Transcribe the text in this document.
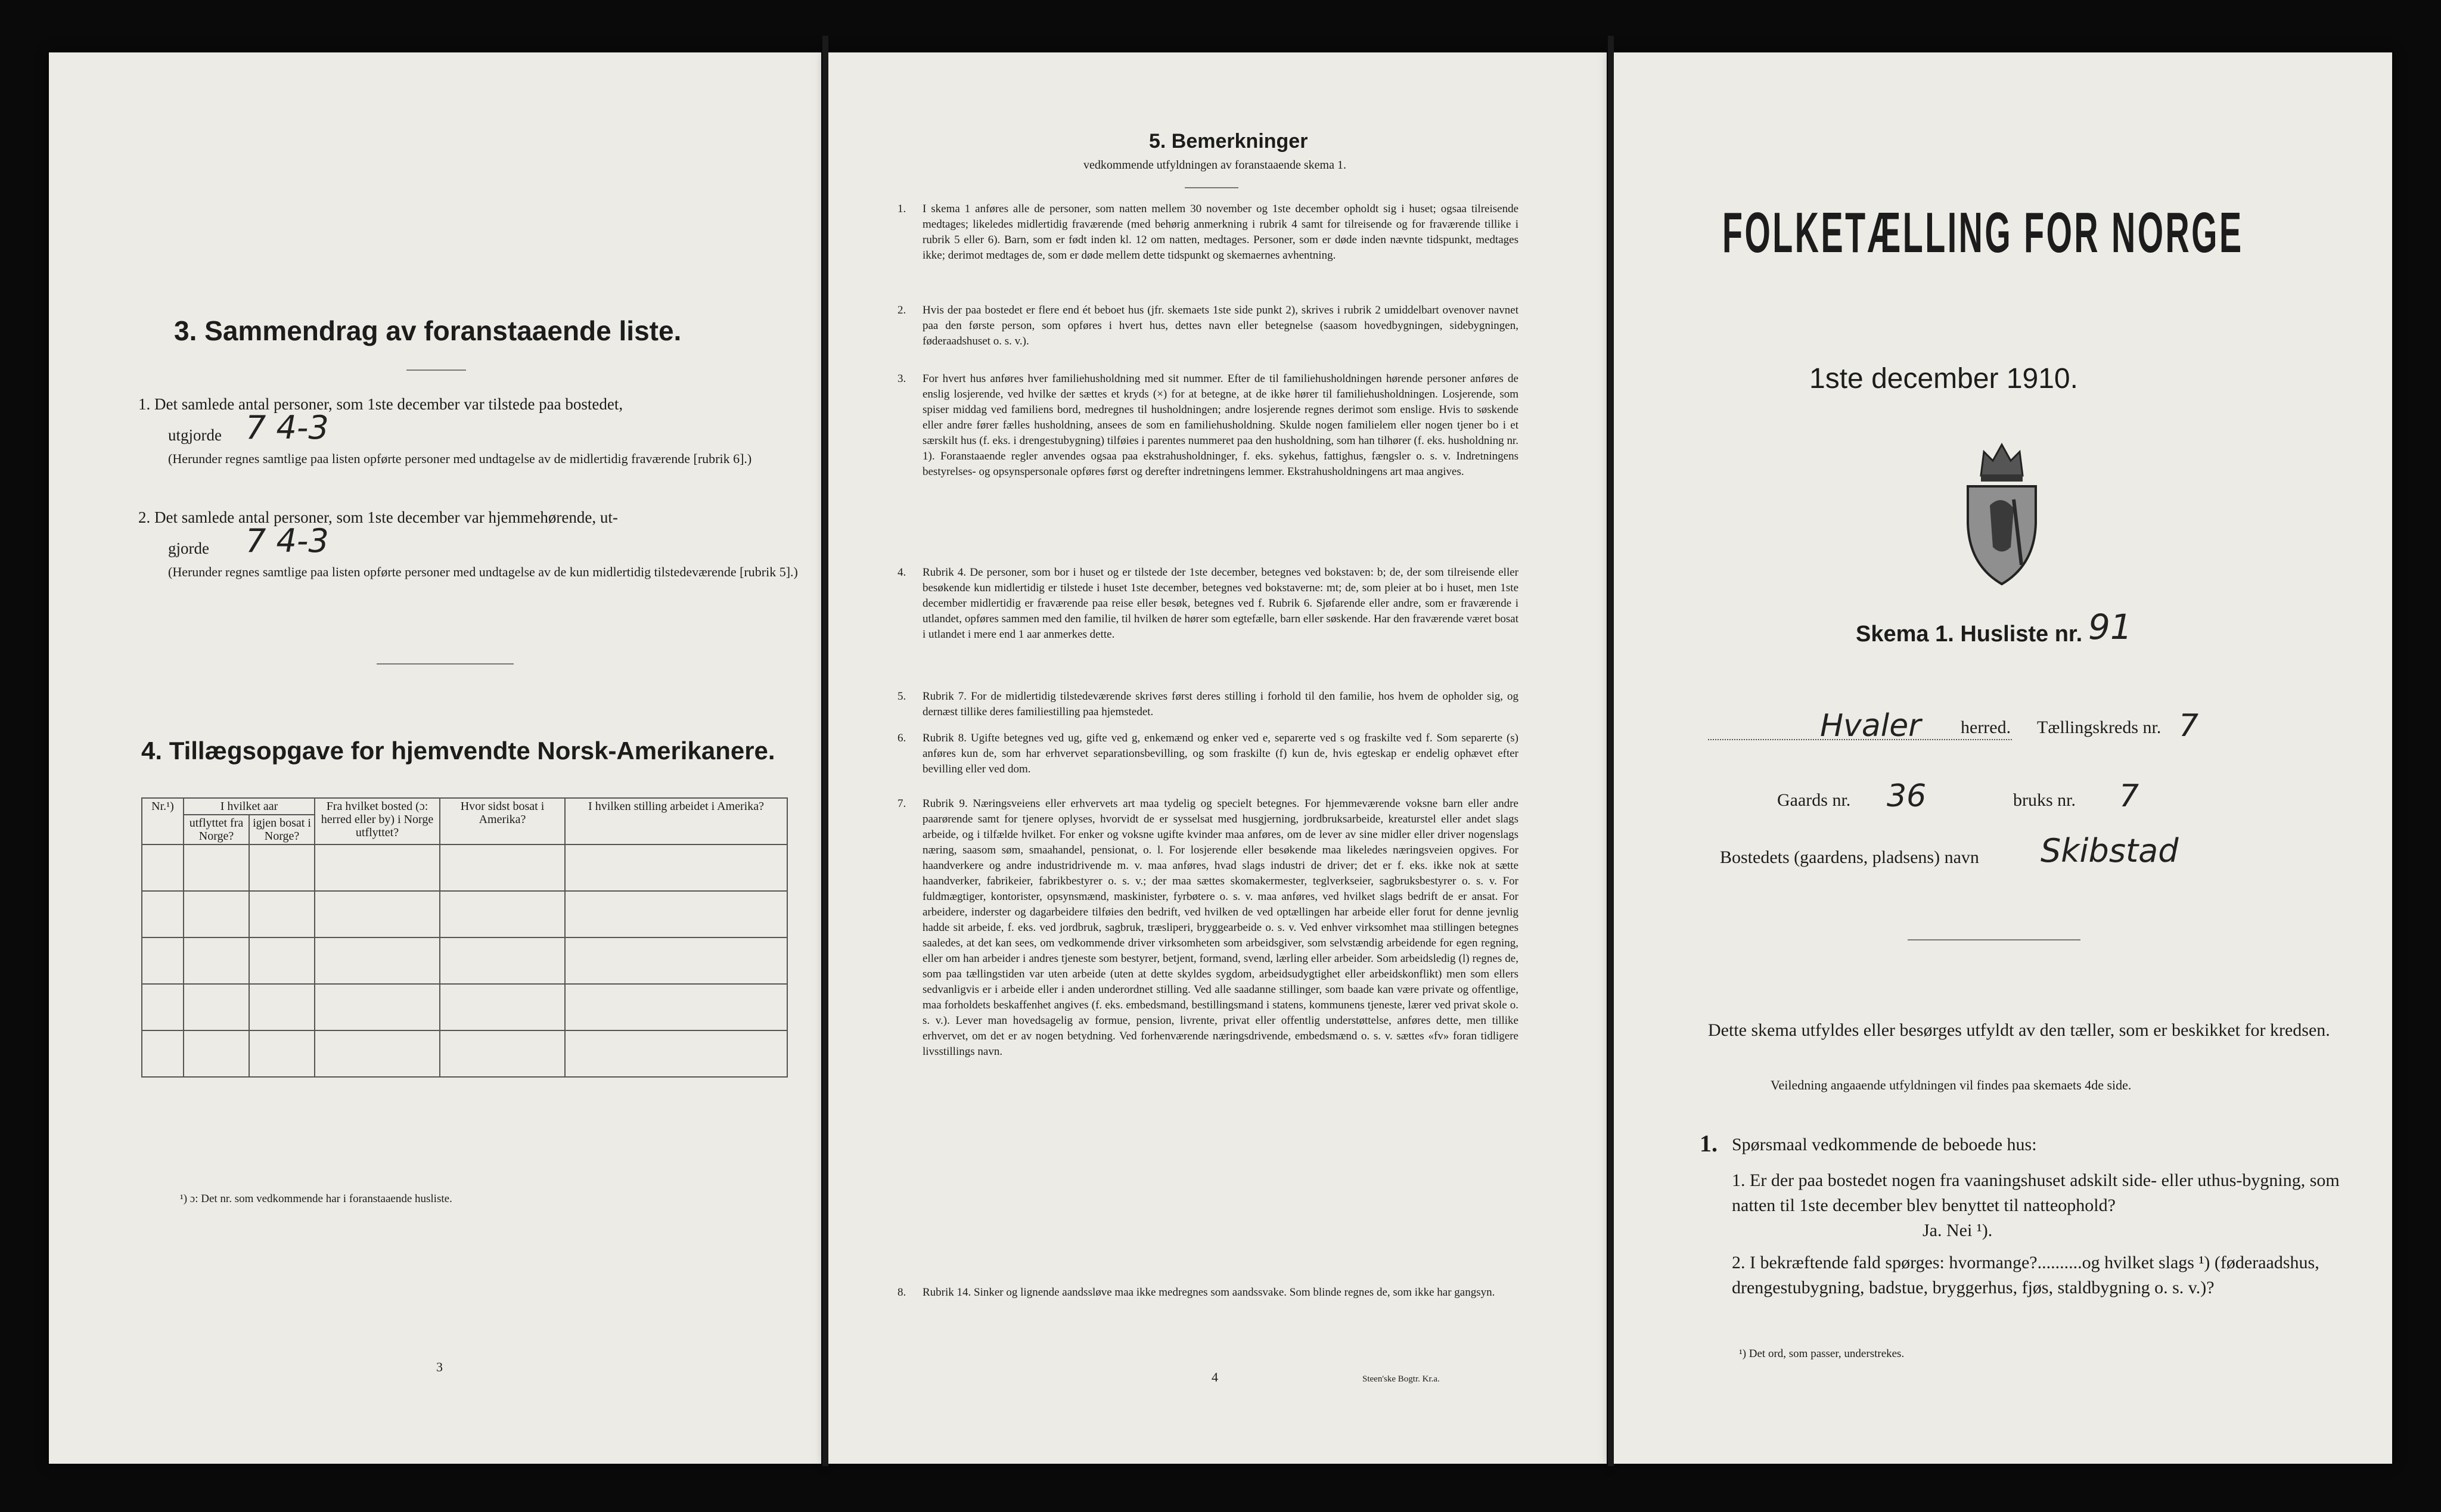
3. Sammendrag av foranstaaende liste.
1. Det samlede antal personer, som 1ste december var tilstede paa bostedet,
utgjorde 7 4-3
(Herunder regnes samtlige paa listen opførte personer med undtagelse av de midlertidig fraværende [rubrik 6].)
2. Det samlede antal personer, som 1ste december var hjemmehørende, ut-
gjorde 7 4-3
(Herunder regnes samtlige paa listen opførte personer med undtagelse av de kun midlertidig tilstedeværende [rubrik 5].)
4. Tillægsopgave for hjemvendte Norsk-Amerikanere.
Nr.¹)	I hvilket aar		Fra hvilket bosted (ɔ: herred eller by) i Norge utflyttet?	Hvor sidst bosat i Amerika?	I hvilken stilling arbeidet i Amerika?
	utflyttet fra Norge?	igjen bosat i Norge?			

¹) ɔ: Det nr. som vedkommende har i foranstaaende husliste.
3
5. Bemerkninger
vedkommende utfyldningen av foranstaaende skema 1.
1. I skema 1 anføres alle de personer, som natten mellem 30 november og 1ste december opholdt sig i huset; ogsaa tilreisende medtages; likeledes midlertidig fraværende (med behørig anmerkning i rubrik 4 samt for tilreisende og for fraværende tillike i rubrik 5 eller 6). Barn, som er født inden kl. 12 om natten, medtages. Personer, som er døde inden nævnte tidspunkt, medtages ikke; derimot medtages de, som er døde mellem dette tidspunkt og skemaernes avhentning.
2. Hvis der paa bostedet er flere end ét beboet hus (jfr. skemaets 1ste side punkt 2), skrives i rubrik 2 umiddelbart ovenover navnet paa den første person, som opføres i hvert hus, dettes navn eller betegnelse (saasom hovedbygningen, sidebygningen, føderaadshuset o. s. v.).
3. For hvert hus anføres hver familiehusholdning med sit nummer. Efter de til familiehusholdningen hørende personer anføres de enslig losjerende, ved hvilke der sættes et kryds (×) for at betegne, at de ikke hører til familiehusholdningen. Losjerende, som spiser middag ved familiens bord, medregnes til husholdningen; andre losjerende regnes derimot som enslige. Hvis to søskende eller andre fører fælles husholdning, ansees de som en familiehusholdning. Skulde nogen familielem eller nogen tjener bo i et særskilt hus (f. eks. i drengestubygning) tilføies i parentes nummeret paa den husholdning, som han tilhører (f. eks. husholdning nr. 1). Foranstaaende regler anvendes ogsaa paa ekstrahusholdninger, f. eks. sykehus, fattighus, fængsler o. s. v. Indretningens bestyrelses- og opsynspersonale opføres først og derefter indretningens lemmer. Ekstrahusholdningens art maa angives.
4. Rubrik 4. De personer, som bor i huset og er tilstede der 1ste december, betegnes ved bokstaven: b; de, der som tilreisende eller besøkende kun midlertidig er tilstede i huset 1ste december, betegnes ved bokstaverne: mt; de, som pleier at bo i huset, men 1ste december midlertidig er fraværende paa reise eller besøk, betegnes ved f. Rubrik 6. Sjøfarende eller andre, som er fraværende i utlandet, opføres sammen med den familie, til hvilken de hører som egtefælle, barn eller søskende. Har den fraværende været bosat i utlandet i mere end 1 aar anmerkes dette.
5. Rubrik 7. For de midlertidig tilstedeværende skrives først deres stilling i forhold til den familie, hos hvem de opholder sig, og dernæst tillike deres familiestilling paa hjemstedet.
6. Rubrik 8. Ugifte betegnes ved ug, gifte ved g, enkemænd og enker ved e, separerte ved s og fraskilte ved f. Som separerte (s) anføres kun de, som har erhvervet separationsbevilling, og som fraskilte (f) kun de, hvis egteskap er endelig ophævet efter bevilling eller ved dom.
7. Rubrik 9. Næringsveiens eller erhvervets art maa tydelig og specielt betegnes. For hjemmeværende voksne barn eller andre paarørende samt for tjenere oplyses, hvorvidt de er sysselsat med husgjerning, jordbruksarbeide, kreaturstel eller andet slags arbeide, og i tilfælde hvilket. For enker og voksne ugifte kvinder maa anføres, om de lever av sine midler eller driver nogenslags næring, saasom søm, smaahandel, pensionat, o. l. For losjerende eller besøkende maa likeledes næringsveien opgives. For haandverkere og andre industridrivende m. v. maa anføres, hvad slags industri de driver; det er f. eks. ikke nok at sætte haandverker, fabrikeier, fabrikbestyrer o. s. v.; der maa sættes skomakermester, teglverkseier, sagbruksbestyrer o. s. v. For fuldmægtiger, kontorister, opsynsmænd, maskinister, fyrbøtere o. s. v. maa anføres, ved hvilket slags bedrift de er ansat. For arbeidere, inderster og dagarbeidere tilføies den bedrift, ved hvilken de ved optællingen har arbeide eller forut for denne jevnlig hadde sit arbeide, f. eks. ved jordbruk, sagbruk, træsliperi, bryggearbeide o. s. v. Ved enhver virksomhet maa stillingen betegnes saaledes, at det kan sees, om vedkommende driver virksomheten som arbeidsgiver, som selvstændig arbeidende for egen regning, eller om han arbeider i andres tjeneste som bestyrer, betjent, formand, svend, lærling eller arbeider. Som arbeidsledig (l) regnes de, som paa tællingstiden var uten arbeide (uten at dette skyldes sygdom, arbeidsudygtighet eller arbeidskonflikt) men som ellers sedvanligvis er i arbeide eller i anden underordnet stilling. Ved alle saadanne stillinger, som baade kan være private og offentlige, maa forholdets beskaffenhet angives (f. eks. embedsmand, bestillingsmand i statens, kommunens tjeneste, lærer ved privat skole o. s. v.). Lever man hovedsagelig av formue, pension, livrente, privat eller offentlig understøttelse, anføres dette, men tillike erhvervet, om det er av nogen betydning. Ved forhenværende næringsdrivende, embedsmænd o. s. v. sættes «fv» foran tidligere livsstillings navn.
8. Rubrik 14. Sinker og lignende aandssløve maa ikke medregnes som aandssvake. Som blinde regnes de, som ikke har gangsyn.
4	Steen'ske Bogtr. Kr.a.
FOLKETÆLLING FOR NORGE
1ste december 1910.
Skema 1. Husliste nr. 91
Hvaler herred. Tællingskreds nr. 7
Gaards nr. 36	bruks nr. 7
Bostedets (gaardens, pladsens) navn Skibstad
Dette skema utfyldes eller besørges utfyldt av den tæller, som er beskikket for kredsen.
Veiledning angaaende utfyldningen vil findes paa skemaets 4de side.
1. Spørsmaal vedkommende de beboede hus:
1. Er der paa bostedet nogen fra vaaningshuset adskilt side- eller uthus-bygning, som natten til 1ste december blev benyttet til natteophold?
Ja. Nei ¹).
2. I bekræftende fald spørges: hvormange?..........og hvilket slags ¹) (føderaadshus, drengestubygning, badstue, bryggerhus, fjøs, staldbygning o. s. v.)?
¹) Det ord, som passer, understrekes.
